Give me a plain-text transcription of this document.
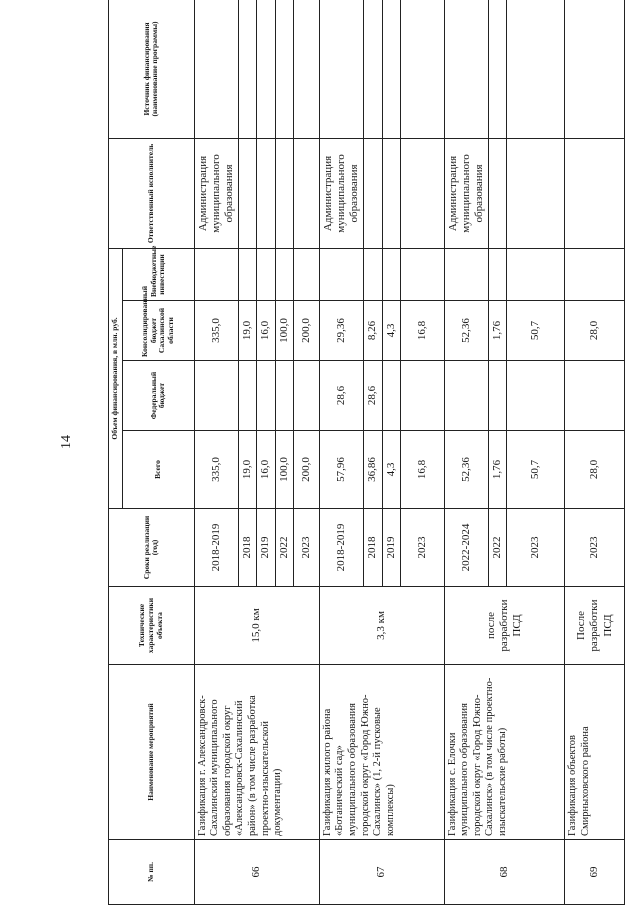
14
№ пп.	Наименование мероприятий	Технические характеристики объекта	Сроки реализации (год)	Объем финансирования, в млн. руб.				Ответственный исполнитель	Источник финансирования (наименование программы)
				Всего	Федеральный бюджет	Консолидированный бюджет Сахалинской области	Внебюджетные инвестиции		
66	Газификация г. Александровск-Сахалинский муниципального образования городской округ «Александровск-Сахалинский район» (в том числе разработка проектно-изыскательской документации)	15,0 км	2018-2019	335,0		335,0		Администрация муниципального образования	
			2018	19,0		19,0			
			2019	16,0		16,0			
			2022	100,0		100,0			
			2023	200,0		200,0			
67	Газификация жилого района «Ботанический сад» муниципального образования городской округ «Город Южно-Сахалинск» (1, 2-й пусковые комплексы)	3,3 км	2018-2019	57,96	28,6	29,36		Администрация муниципального образования	
			2018	36,86	28,6	8,26			
			2019	4,3		4,3			
			2023	16,8		16,8			
68	Газификация с. Елочки муниципального образования городской округ «Город Южно-Сахалинск» (в том числе проектно-изыскательские работы)	после разработки ПСД	2022-2024	52,36		52,36		Администрация муниципального образования	
			2022	1,76		1,76			
			2023	50,7		50,7			
69	Газификация объектов Смирныховского района	После разработки ПСД	2023	28,0		28,0			
